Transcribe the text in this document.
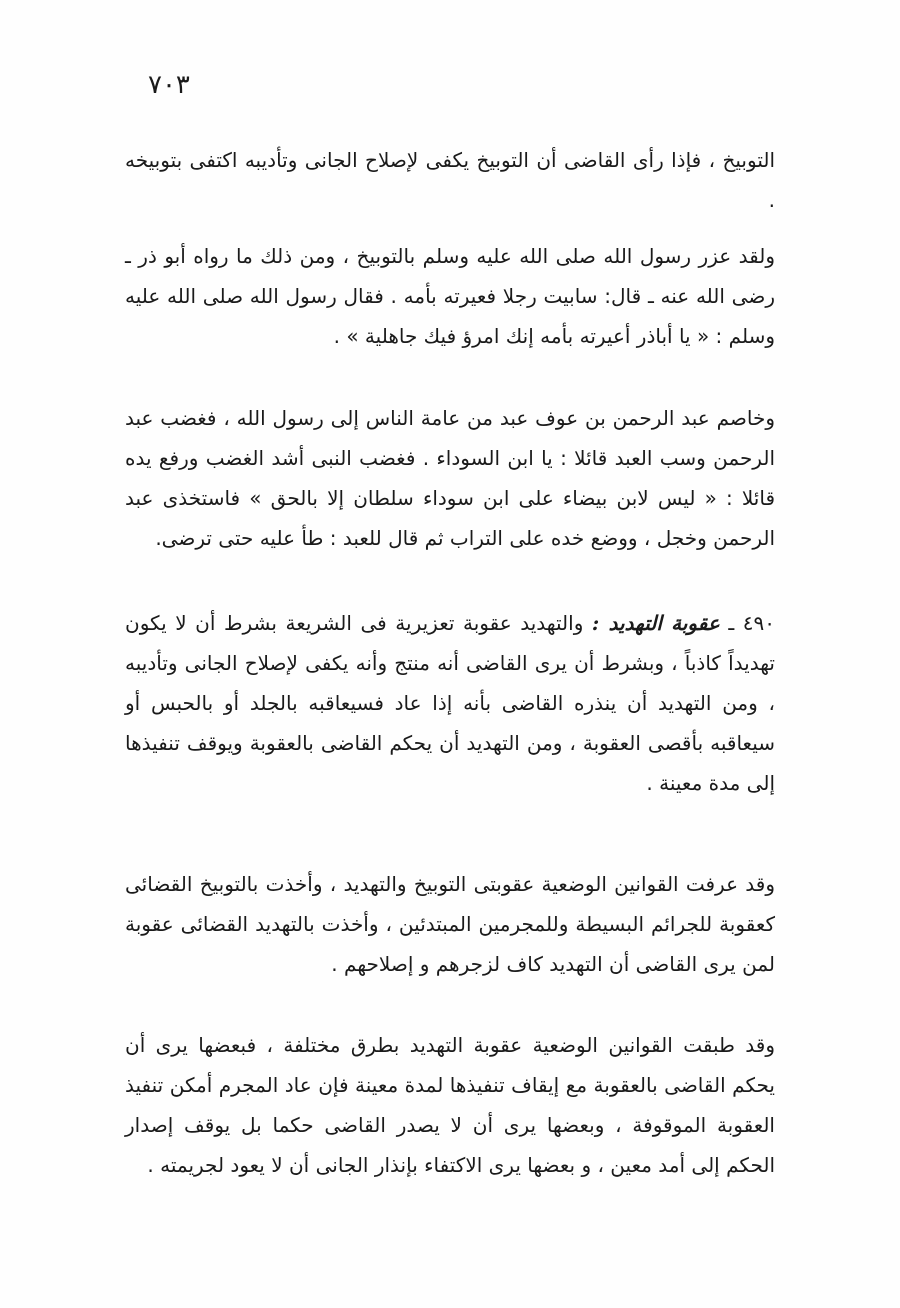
٧٠٣
التوبيخ ، فإذا رأى القاضى أن التوبيخ يكفى لإصلاح الجانى وتأديبه اكتفى بتوبيخه .
ولقد عزر رسول الله صلى الله عليه وسلم بالتوبيخ ، ومن ذلك ما رواه أبو ذر ـ رضى الله عنه ـ قال: سابيت رجلا فعيرته بأمه . فقال رسول الله صلى الله عليه وسلم : « يا أباذر أعيرته بأمه إنك امرؤ فيك جاهلية » .
وخاصم عبد الرحمن بن عوف عبد من عامة الناس إلى رسول الله ، فغضب عبد الرحمن وسب العبد قائلا : يا ابن السوداء . فغضب النبى أشد الغضب ورفع يده قائلا : « ليس لابن بيضاء على ابن سوداء سلطان إلا بالحق » فاستخذى عبد الرحمن وخجل ، ووضع خده على التراب ثم قال للعبد : طأ عليه حتى ترضى.
٤٩٠ ـ عقوبة التهديد : والتهديد عقوبة تعزيرية فى الشريعة بشرط أن لا يكون تهديداً كاذباً ، وبشرط أن يرى القاضى أنه منتج وأنه يكفى لإصلاح الجانى وتأديبه ، ومن التهديد أن ينذره القاضى بأنه إذا عاد فسيعاقبه بالجلد أو بالحبس أو سيعاقبه بأقصى العقوبة ، ومن التهديد أن يحكم القاضى بالعقوبة ويوقف تنفيذها إلى مدة معينة .
وقد عرفت القوانين الوضعية عقوبتى التوبيخ والتهديد ، وأخذت بالتوبيخ القضائى كعقوبة للجرائم البسيطة وللمجرمين المبتدئين ، وأخذت بالتهديد القضائى عقوبة لمن يرى القاضى أن التهديد كاف لزجرهم و إصلاحهم .
وقد طبقت القوانين الوضعية عقوبة التهديد بطرق مختلفة ، فبعضها يرى أن يحكم القاضى بالعقوبة مع إيقاف تنفيذها لمدة معينة فإن عاد المجرم أمكن تنفيذ العقوبة الموقوفة ، وبعضها يرى أن لا يصدر القاضى حكما بل يوقف إصدار الحكم إلى أمد معين ، و بعضها يرى الاكتفاء بإنذار الجانى أن لا يعود لجريمته .
